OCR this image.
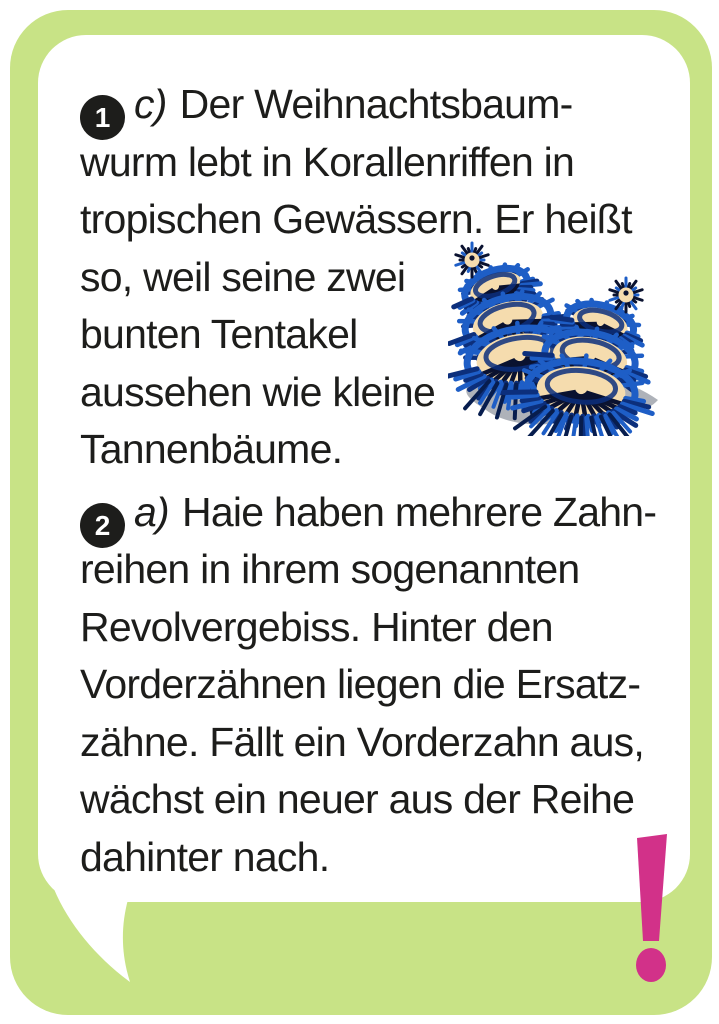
1 c) Der Weihnachtsbaum-
wurm lebt in Korallenriffen in
tropischen Gewässern. Er heißt
so, weil seine zwei
bunten Tentakel
aussehen wie kleine
Tannenbäume.
2 a) Haie haben mehrere Zahn-
reihen in ihrem sogenannten
Revolvergebiss. Hinter den
Vorderzähnen liegen die Ersatz-
zähne. Fällt ein Vorderzahn aus,
wächst ein neuer aus der Reihe
dahinter nach.
